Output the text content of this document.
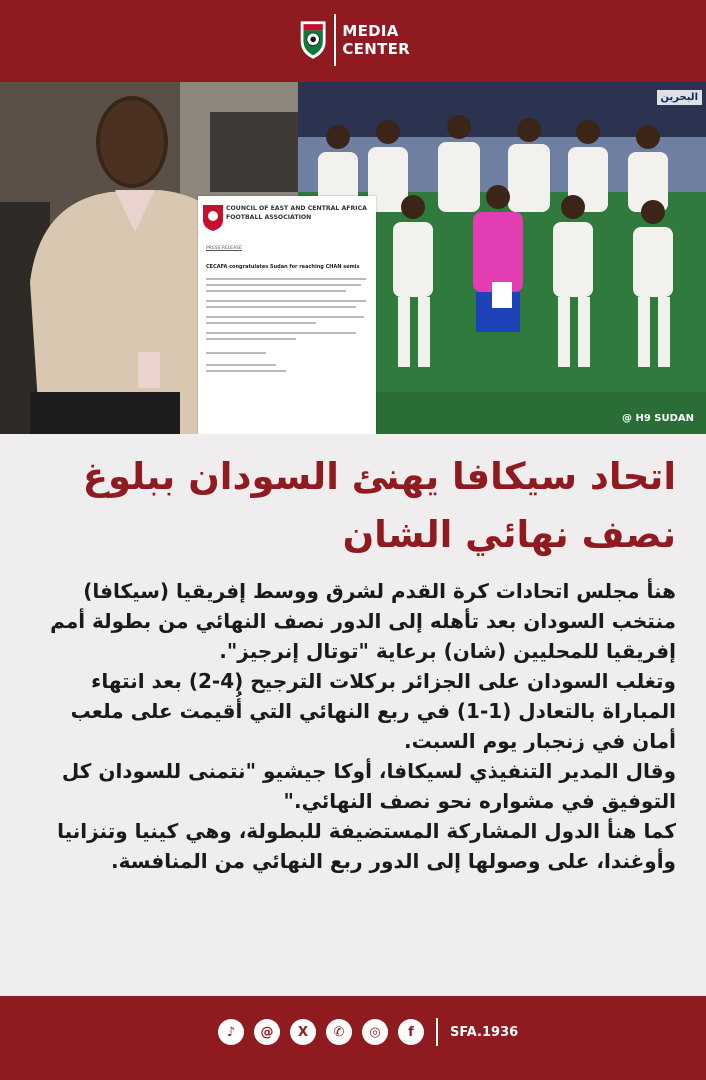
MEDIA
CENTER
البحرين
@ H9 SUDAN
COUNCIL OF EAST AND CENTRAL AFRICA FOOTBALL ASSOCIATION
PRESS RELEASE
CECAFA congratulates Sudan for reaching CHAN semis
اتحاد سيكافا يهنئ السودان ببلوغ نصف نهائي الشان

هنأ مجلس اتحادات كرة القدم لشرق ووسط إفريقيا (سيكافا) منتخب السودان بعد تأهله إلى الدور نصف النهائي من بطولة أمم إفريقيا للمحليين (شان) برعاية "توتال إنرجيز".

وتغلب السودان على الجزائر بركلات الترجيح (4-2) بعد انتهاء المباراة بالتعادل (1-1) في ربع النهائي التي أُقيمت على ملعب أمان في زنجبار يوم السبت.

وقال المدير التنفيذي لسيكافا، أوكا جيشيو "نتمنى للسودان كل التوفيق في مشواره نحو نصف النهائي."

كما هنأ الدول المشاركة المستضيفة للبطولة، وهي كينيا وتنزانيا وأوغندا، على وصولها إلى الدور ربع النهائي من المنافسة.

♪	@	X	✆	◎	f	SFA.1936
